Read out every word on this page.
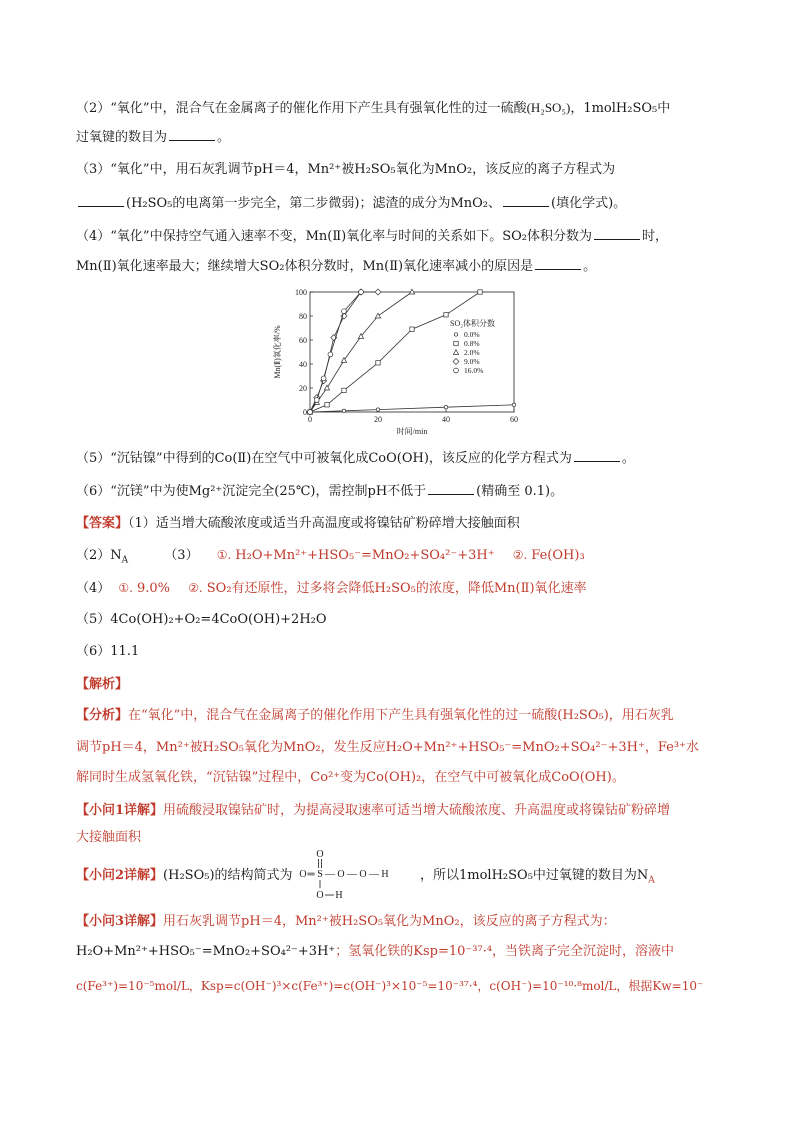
（2）“氧化”中，混合气在金属离子的催化作用下产生具有强氧化性的过一硫酸(H₂SO₅)，1molH₂SO₅中
过氧键的数目为	。
（3）“氧化”中，用石灰乳调节pH＝4，Mn²⁺被H₂SO₅氧化为MnO₂，该反应的离子方程式为
(H₂SO₅的电离第一步完全，第二步微弱)；滤渣的成分为MnO₂、	(填化学式)。
（4）“氧化”中保持空气通入速率不变，Mn(Ⅱ)氧化率与时间的关系如下。SO₂体积分数为	时，
Mn(Ⅱ)氧化速率最大；继续增大SO₂体积分数时，Mn(Ⅱ)氧化速率减小的原因是	。
0	20	40	60
0
20
40
60
80
100
时间/min
Mn(Ⅱ)氧化率/%
SO₂体积分数
0.0%
0.8%
2.0%
9.0%
16.0%
（5）“沉钴镍”中得到的Co(Ⅱ)在空气中可被氧化成CoO(OH)，该反应的化学方程式为	。
（6）“沉镁”中为使Mg²⁺沉淀完全(25℃)，需控制pH不低于	(精确至 0.1)。
【答案】（1）适当增大硫酸浓度或适当升高温度或将镍钴矿粉碎增大接触面积
$(2)N_A$	（3） ①. H₂O+Mn²⁺+HSO₅⁻=MnO₂+SO₄²⁻+3H⁺ ②. Fe(OH)₃
（4） ①. 9.0% ②. SO₂有还原性，过多将会降低H₂SO₅的浓度，降低Mn(Ⅱ)氧化速率
（5）4Co(OH)₂+O₂=4CoO(OH)+2H₂O
（6）11.1
【解析】
【分析】在“氧化”中，混合气在金属离子的催化作用下产生具有强氧化性的过一硫酸(H₂SO₅)，用石灰乳
调节pH＝4，Mn²⁺被H₂SO₅氧化为MnO₂，发生反应H₂O+Mn²⁺+HSO₅⁻=MnO₂+SO₄²⁻+3H⁺，Fe³⁺水
解同时生成氢氧化铁，“沉钴镍”过程中，Co²⁺变为Co(OH)₂，在空气中可被氧化成CoO(OH)。
【小问1详解】用硫酸浸取镍钴矿时，为提高浸取速率可适当增大硫酸浓度、升高温度或将镍钴矿粉碎增
大接触面积
【小问2详解】(H₂SO₅)的结构简式为
O
O ═ S — O — O — H
O H
，所以1molH₂SO₅中过氧键的数目为$N_A$
【小问3详解】用石灰乳调节pH＝4，Mn²⁺被H₂SO₅氧化为MnO₂，该反应的离子方程式为：
H₂O+Mn²⁺+HSO₅⁻=MnO₂+SO₄²⁻+3H⁺；氢氧化铁的Ksp=10⁻³⁷·⁴，当铁离子完全沉淀时，溶液中
c(Fe³⁺)=10⁻⁵mol/L，Ksp=c(OH⁻)³×c(Fe³⁺)=c(OH⁻)³×10⁻⁵=10⁻³⁷·⁴，c(OH⁻)=10⁻¹⁰·⁸mol/L，根据Kw=10⁻
